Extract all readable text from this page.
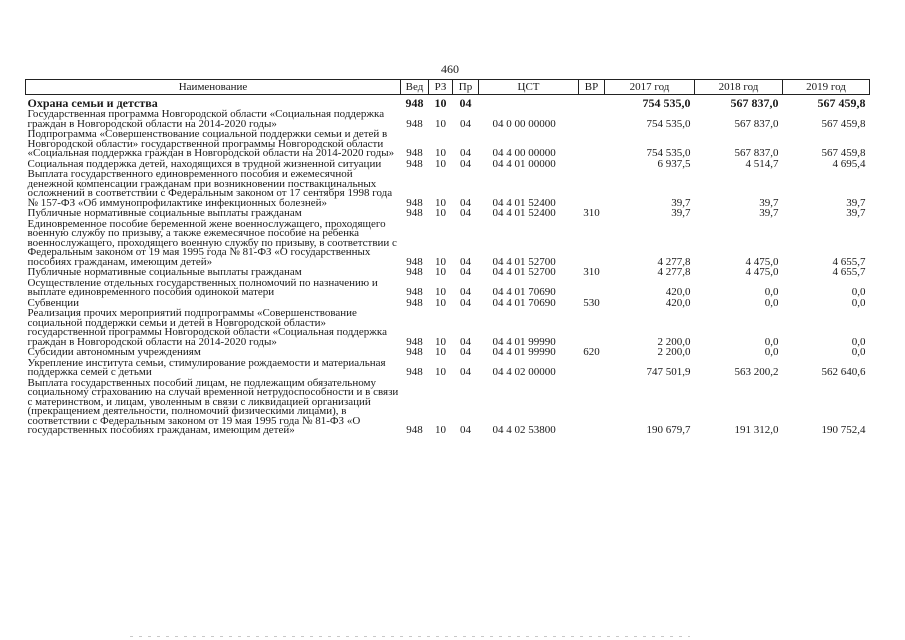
460
Наименование	Вед	РЗ	Пр	ЦСТ	ВР	2017 год	2018 год	2019 год
Охрана семьи и детства	948	10	04			754 535,0	567 837,0	567 459,8
Государственная программа Новгородской области «Социальная поддержка граждан в Новгородской области на 2014-2020 годы»	948	10	04	04 0 00 00000		754 535,0	567 837,0	567 459,8
Подпрограмма «Совершенствование социальной поддержки семьи и детей в Новгородской области» государственной программы Новгородской области «Социальная поддержка граждан в Новгородской области на 2014-2020 годы»	948	10	04	04 4 00 00000		754 535,0	567 837,0	567 459,8
Социальная поддержка детей, находящихся в трудной жизненной ситуации	948	10	04	04 4 01 00000		6 937,5	4 514,7	4 695,4
Выплата государственного единовременного пособия и ежемесячной денежной компенсации гражданам при возникновении поствакцинальных осложнений в соответствии с Федеральным законом от 17 сентября 1998 года № 157-ФЗ «Об иммунопрофилактике инфекционных болезней»	948	10	04	04 4 01 52400		39,7	39,7	39,7
Публичные нормативные социальные выплаты гражданам	948	10	04	04 4 01 52400	310	39,7	39,7	39,7
Единовременное пособие беременной жене военнослужащего, проходящего военную службу по призыву, а также ежемесячное пособие на ребенка военнослужащего, проходящего военную службу по призыву, в соответствии с Федеральным законом от 19 мая 1995 года № 81-ФЗ «О государственных пособиях гражданам, имеющим детей»	948	10	04	04 4 01 52700		4 277,8	4 475,0	4 655,7
Публичные нормативные социальные выплаты гражданам	948	10	04	04 4 01 52700	310	4 277,8	4 475,0	4 655,7
Осуществление отдельных государственных полномочий по назначению и выплате единовременного пособия одинокой матери	948	10	04	04 4 01 70690		420,0	0,0	0,0
Субвенции	948	10	04	04 4 01 70690	530	420,0	0,0	0,0
Реализация прочих мероприятий подпрограммы «Совершенствование социальной поддержки семьи и детей в Новгородской области» государственной программы Новгородской области «Социальная поддержка граждан в Новгородской области на 2014-2020 годы»	948	10	04	04 4 01 99990		2 200,0	0,0	0,0
Субсидии автономным учреждениям	948	10	04	04 4 01 99990	620	2 200,0	0,0	0,0
Укрепление института семьи, стимулирование рождаемости и материальная поддержка семей с детьми	948	10	04	04 4 02 00000		747 501,9	563 200,2	562 640,6
Выплата государственных пособий лицам, не подлежащим обязательному социальному страхованию на случай временной нетрудоспособности и в связи с материнством, и лицам, уволенным в связи с ликвидацией организаций (прекращением деятельности, полномочий физическими лицами), в соответствии с Федеральным законом от 19 мая 1995 года № 81-ФЗ «О государственных пособиях гражданам, имеющим детей»	948	10	04	04 4 02 53800		190 679,7	191 312,0	190 752,4
